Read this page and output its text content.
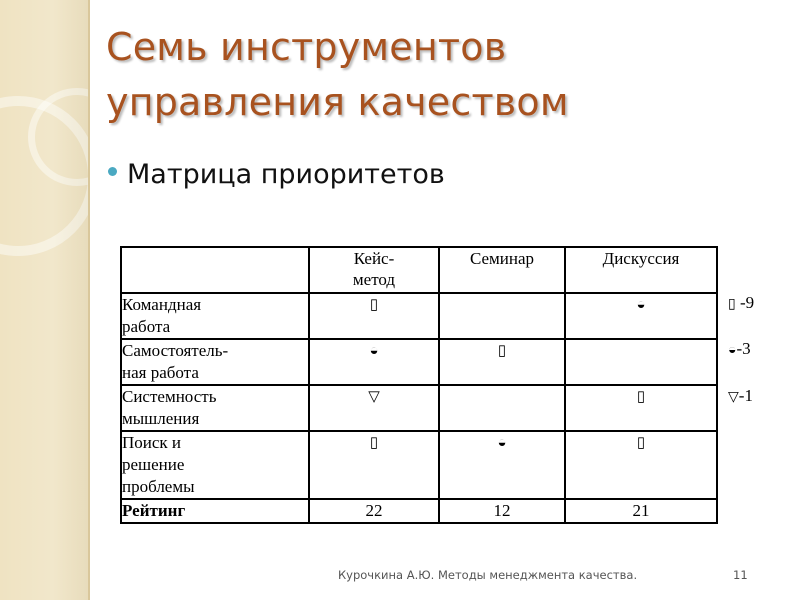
Семь инструментов
управления качеством
Матрица приоритетов
	Кейс-
метод	Семинар	Дискуссия
Командная
работа	▯		◒
Самостоятель-
ная работа	◒	▯	
Системность
мышления	▽		▯
Поиск и
решение
проблемы	▯	◒	▯
Рейтинг	22	12	21
▯ -9
◒-3
▽-1
Курочкина А.Ю. Методы менеджмента качества.	11
